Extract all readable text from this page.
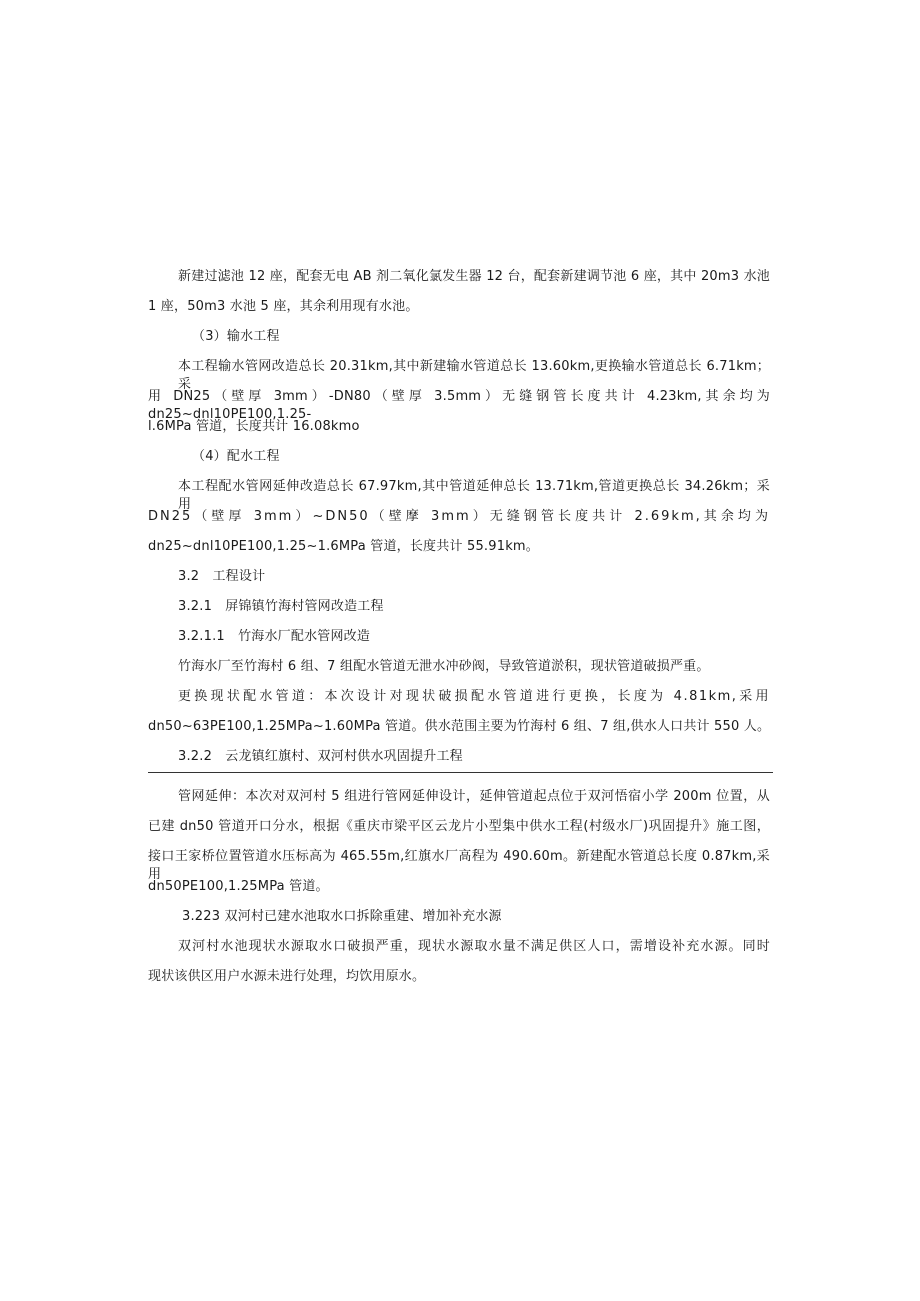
新建过滤池 12 座，配套无电 AB 剂二氧化氯发生器 12 台，配套新建调节池 6 座，其中 20m3 水池
1 座，50m3 水池 5 座，其余利用现有水池。
（3）输水工程
本工程输水管网改造总长 20.31km,其中新建输水管道总长 13.60km,更换输水管道总长 6.71km；采
用 DN25（壁厚 3mm）-DN80（壁厚 3.5mm）无缝钢管长度共计 4.23km,其余均为 dn25~dnl10PE100,1.25-
l.6MPa 管道，长度共计 16.08kmo
（4）配水工程
本工程配水管网延伸改造总长 67.97km,其中管道延伸总长 13.71km,管道更换总长 34.26km；采用
DN25（壁厚 3mm）~DN50（壁摩 3mm）无缝钢管长度共计 2.69km,其余均为
dn25~dnl10PE100,1.25~1.6MPa 管道，长度共计 55.91km。
3.2　工程设计
3.2.1　屏锦镇竹海村管网改造工程
3.2.1.1　竹海水厂配水管网改造
竹海水厂至竹海村 6 组、7 组配水管道无泄水冲砂阀，导致管道淤积，现状管道破损严重。
更换现状配水管道：本次设计对现状破损配水管道进行更换，长度为 4.81km,采用
dn50~63PE100,1.25MPa~1.60MPa 管道。供水范围主要为竹海村 6 组、7 组,供水人口共计 550 人。
3.2.2　云龙镇红旗村、双河村供水巩固提升工程
管网延伸：本次对双河村 5 组进行管网延伸设计，延伸管道起点位于双河悟宿小学 200m 位置，从
已建 dn50 管道开口分水，根据《重庆市梁平区云龙片小型集中供水工程(村级水厂)巩固提升》施工图，
接口王家桥位置管道水压标高为 465.55m,红旗水厂高程为 490.60m。新建配水管道总长度 0.87km,采用
dn50PE100,1.25MPa 管道。
3.223 双河村已建水池取水口拆除重建、增加补充水源
双河村水池现状水源取水口破损严重，现状水源取水量不满足供区人口，需增设补充水源。同时
现状该供区用户水源未进行处理，均饮用原水。
